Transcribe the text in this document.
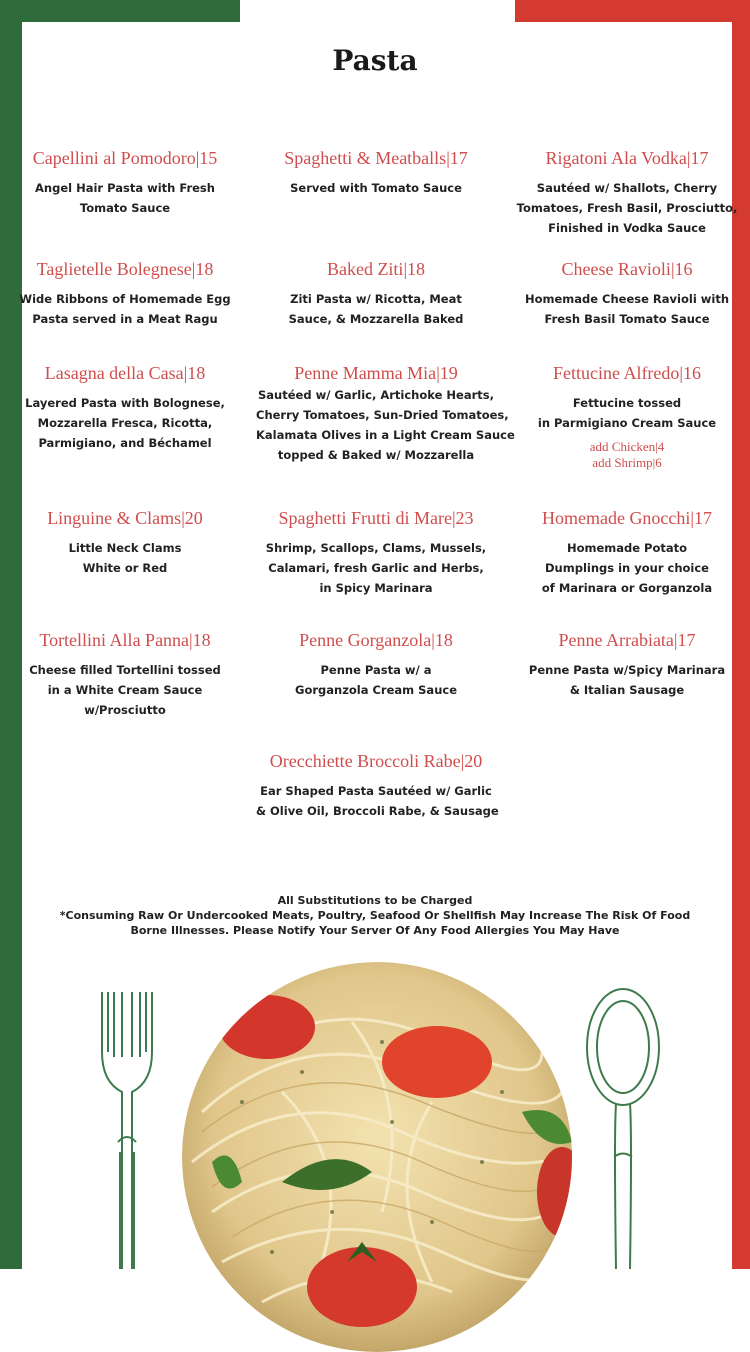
Pasta
Capellini al Pomodoro|15
Angel Hair Pasta with Fresh
Tomato Sauce
Spaghetti & Meatballs|17
Served with Tomato Sauce
Rigatoni Ala Vodka|17
Sautéed w/ Shallots, Cherry
Tomatoes, Fresh Basil, Prosciutto,
Finished in Vodka Sauce
Taglietelle Bolegnese|18
Wide Ribbons of Homemade Egg
Pasta served in a Meat Ragu
Baked Ziti|18
Ziti Pasta w/ Ricotta, Meat
Sauce, & Mozzarella Baked
Cheese Ravioli|16
Homemade Cheese Ravioli with
Fresh Basil Tomato Sauce
Lasagna della Casa|18
Layered Pasta with Bolognese,
Mozzarella Fresca, Ricotta,
Parmigiano, and Béchamel
Penne Mamma Mia|19
Sautéed w/ Garlic, Artichoke Hearts,
Cherry Tomatoes, Sun-Dried Tomatoes,
Kalamata Olives in a Light Cream Sauce
topped & Baked w/ Mozzarella
Fettucine Alfredo|16
Fettucine tossed
in Parmigiano Cream Sauce
add Chicken|4
add Shrimp|6
Linguine & Clams|20
Little Neck Clams
White or Red
Spaghetti Frutti di Mare|23
Shrimp, Scallops, Clams, Mussels,
Calamari, fresh Garlic and Herbs,
in Spicy Marinara
Homemade Gnocchi|17
Homemade Potato
Dumplings in your choice
of Marinara or Gorganzola
Tortellini Alla Panna|18
Cheese filled Tortellini tossed
in a White Cream Sauce
w/Prosciutto
Penne Gorganzola|18
Penne Pasta w/ a
Gorganzola Cream Sauce
Penne Arrabiata|17
Penne Pasta w/Spicy Marinara
& Italian Sausage
Orecchiette Broccoli Rabe|20
Ear Shaped Pasta Sautéed w/ Garlic
& Olive Oil, Broccoli Rabe, & Sausage
All Substitutions to be Charged
*Consuming Raw Or Undercooked Meats, Poultry, Seafood Or Shellfish May Increase The Risk Of Food
Borne Illnesses. Please Notify Your Server Of Any Food Allergies You May Have
